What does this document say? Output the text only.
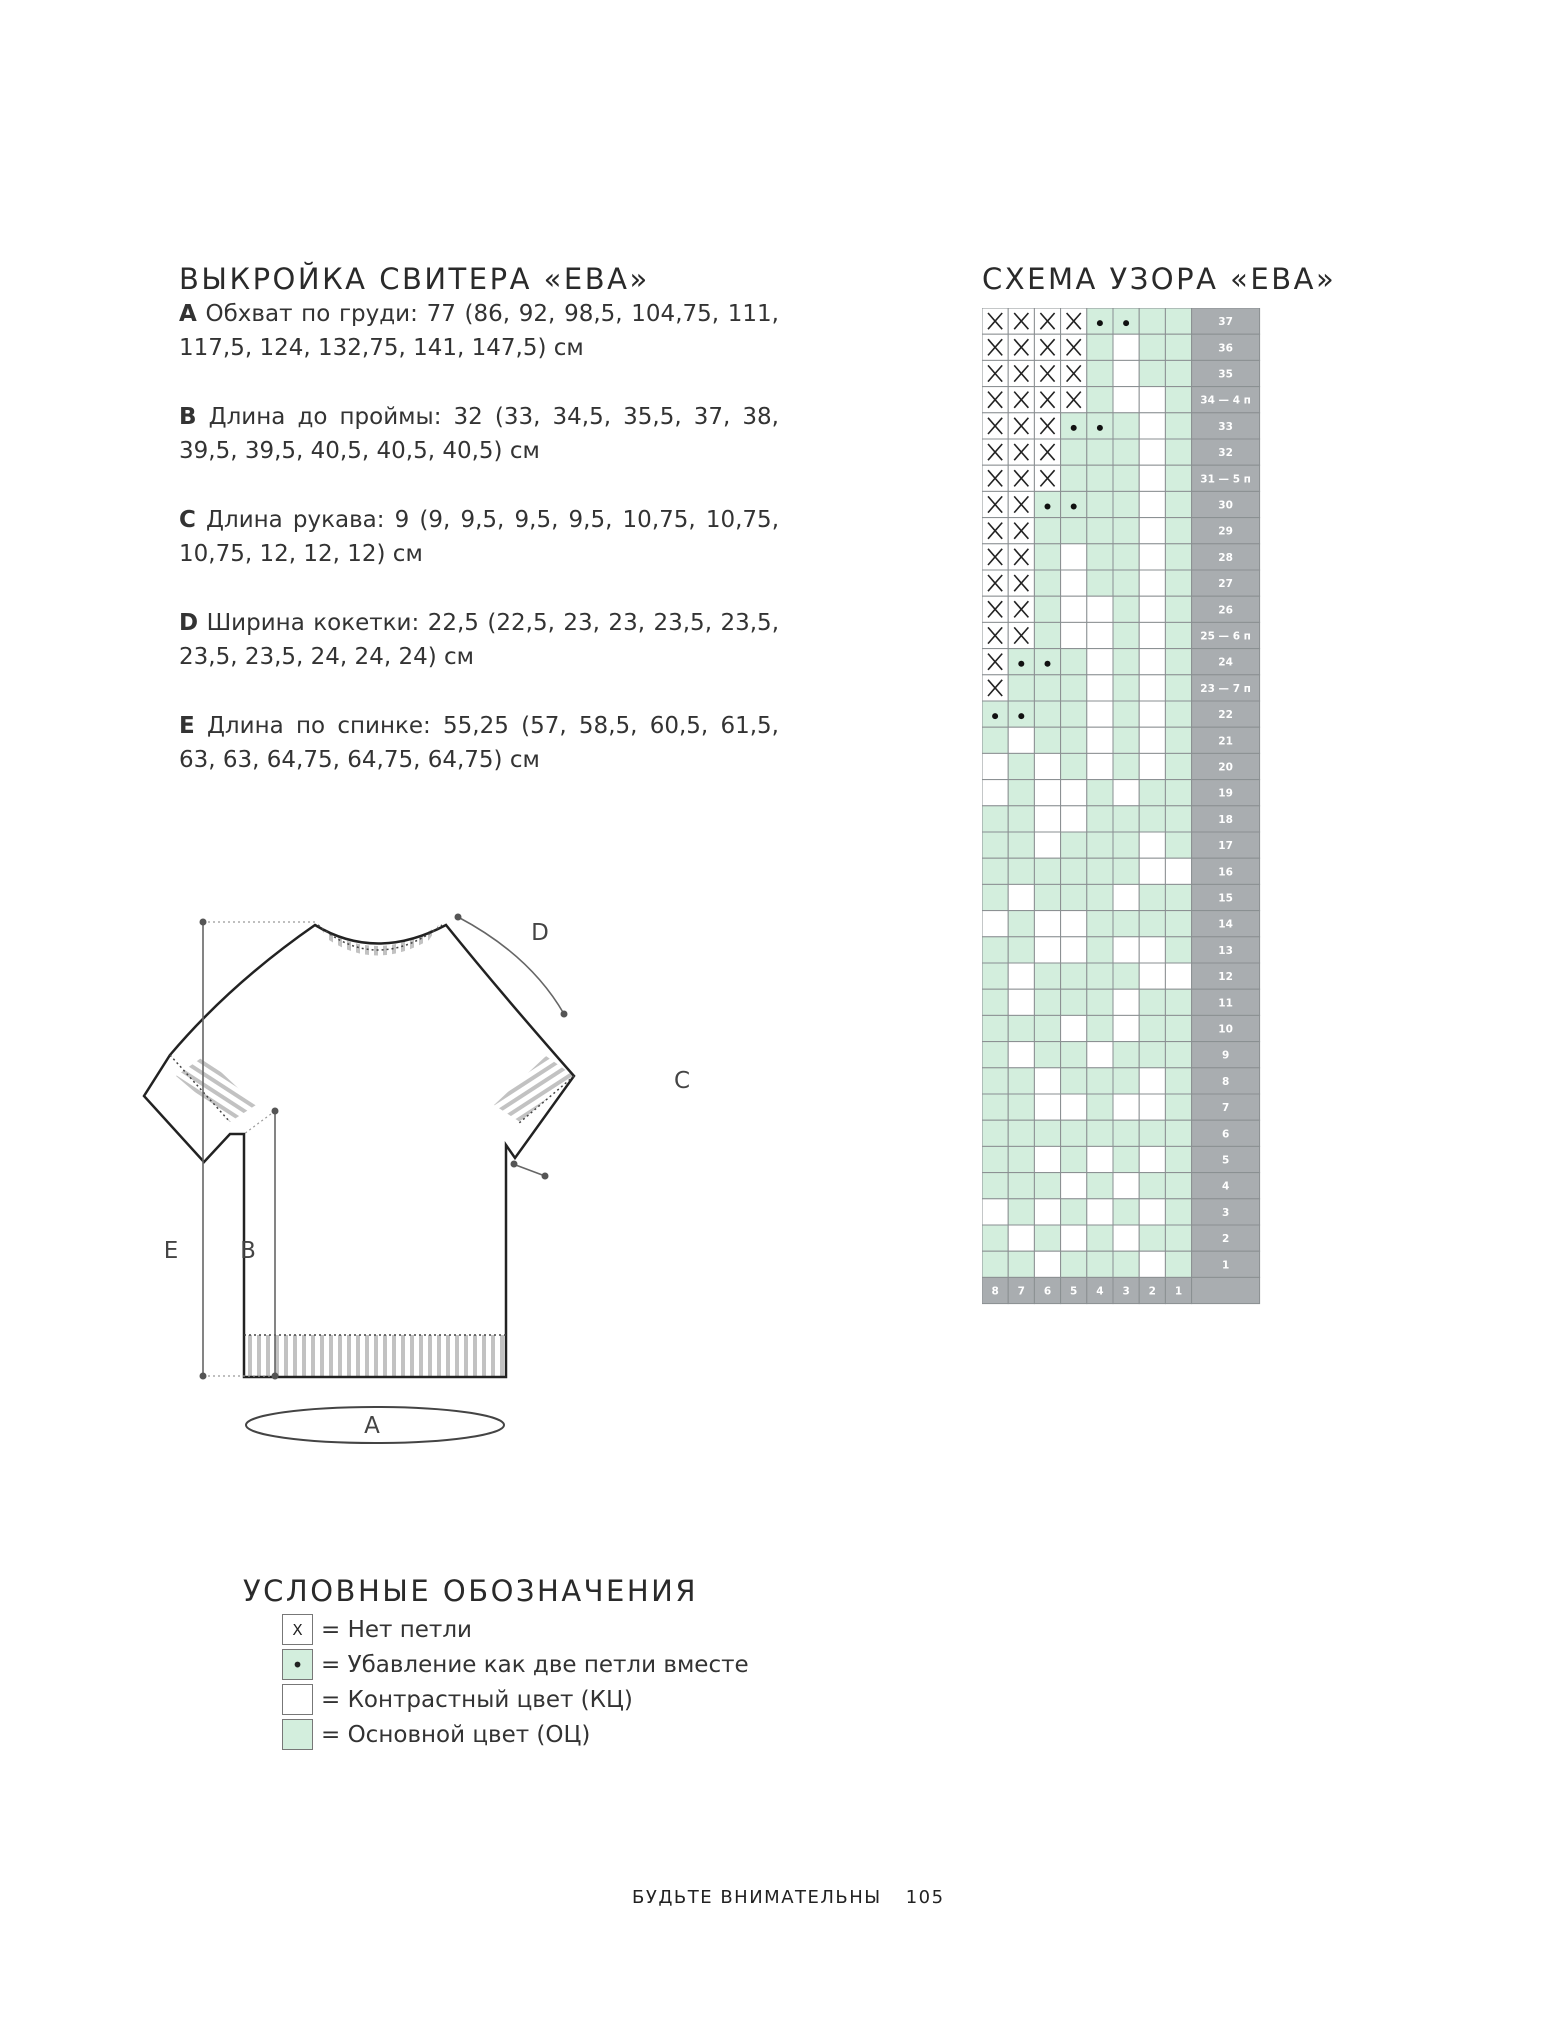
ВЫКРОЙКА СВИТЕРА «ЕВА»

A Обхват по груди: 77 (86, 92, 98,5, 104,75, 111, 117,5, 124, 132,75, 141, 147,5) см

B Длина до проймы: 32 (33, 34,5, 35,5, 37, 38, 39,5, 39,5, 40,5, 40,5, 40,5) см

C Длина рукава: 9 (9, 9,5, 9,5, 9,5, 10,75, 10,75, 10,75, 12, 12, 12) см

D Ширина кокетки: 22,5 (22,5, 23, 23, 23,5, 23,5, 23,5, 23,5, 24, 24, 24) см

E Длина по спинке: 55,25 (57, 58,5, 60,5, 61,5, 63, 63, 64,75, 64,75, 64,75) см

A
B
C
D
E
СХЕМА УЗОРА «ЕВА»
37
36
35
34 — 4 п
33
32
31 — 5 п
30
29
28
27
26
25 — 6 п
24
23 — 7 п
22
21
20
19
18
17
16
15
14
13
12
11
10
9
8
7
6
5
4
3
2
1
8 7 6 5 4 3 2 1
УСЛОВНЫЕ ОБОЗНАЧЕНИЯ
X = Нет петли
• = Убавление как две петли вместе
= Контрастный цвет (КЦ)
= Основной цвет (ОЦ)
БУДЬТЕ ВНИМАТЕЛЬНЫ 105
